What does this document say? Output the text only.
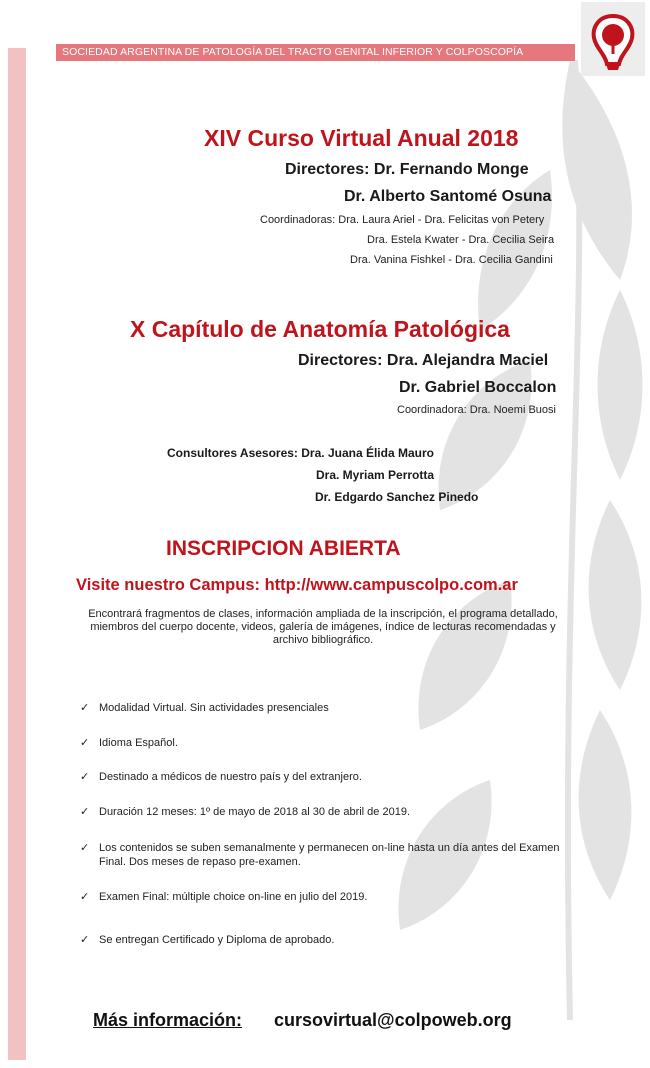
SOCIEDAD ARGENTINA DE PATOLOGÍA DEL TRACTO GENITAL INFERIOR Y COLPOSCOPÍA
XIV Curso Virtual Anual 2018
Directores: Dr. Fernando Monge
Dr. Alberto Santomé Osuna
Coordinadoras: Dra. Laura Ariel - Dra. Felicitas von Petery
Dra. Estela Kwater - Dra. Cecilia Seira
Dra. Vanina Fishkel - Dra. Cecilia Gandini
X Capítulo de Anatomía Patológica
Directores: Dra. Alejandra Maciel
Dr. Gabriel Boccalon
Coordinadora: Dra. Noemi Buosi
Consultores Asesores: Dra. Juana Élida Mauro
Dra. Myriam Perrotta
Dr. Edgardo Sanchez Pinedo
INSCRIPCION ABIERTA
Visite nuestro Campus: http://www.campuscolpo.com.ar
Encontrará fragmentos de clases, información ampliada de la inscripción, el programa detallado, miembros del cuerpo docente, videos, galería de imágenes, índice de lecturas recomendadas y archivo bibliográfico.
✓ Modalidad Virtual. Sin actividades presenciales
✓ Idioma Español.
✓ Destinado a médicos de nuestro país y del extranjero.
✓ Duración 12 meses: 1º de mayo de 2018 al 30 de abril de 2019.
✓ Los contenidos se suben semanalmente y permanecen on-line hasta un día antes del Examen Final. Dos meses de repaso pre-examen.
✓ Examen Final: múltiple choice on-line en julio del 2019.
✓ Se entregan Certificado y Diploma de aprobado.
Más información: cursovirtual@colpoweb.org
